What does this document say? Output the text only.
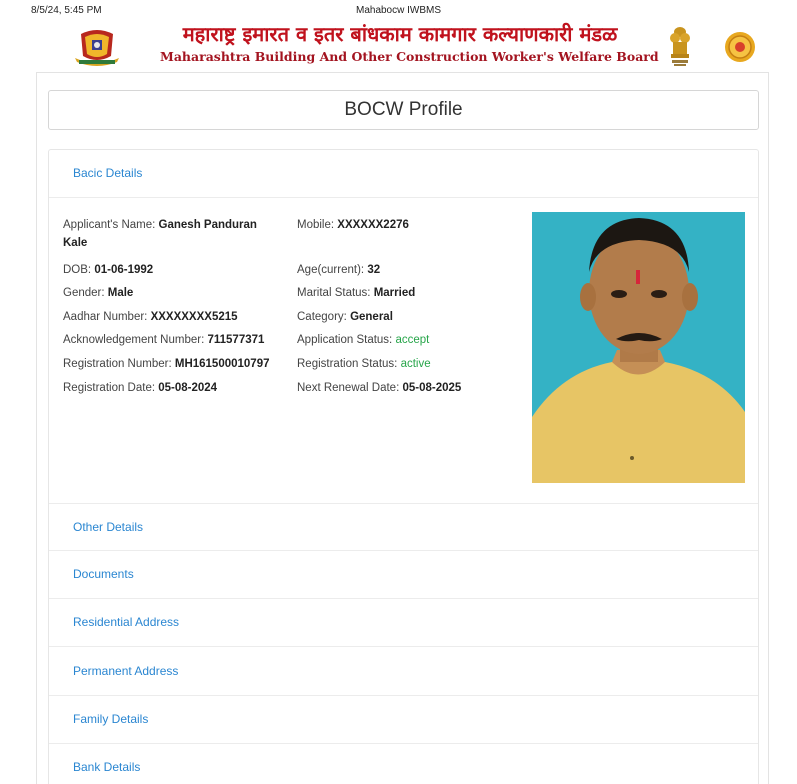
8/5/24, 5:45 PM	Mahabocw IWBMS
महाराष्ट्र इमारत व इतर बांधकाम कामगार कल्याणकारी मंडळ
Maharashtra Building And Other Construction Worker's Welfare Board
BOCW Profile
Bacic Details
Applicant's Name: Ganesh Panduran Kale
DOB: 01-06-1992
Gender: Male
Aadhar Number: XXXXXXXX5215
Acknowledgement Number: 711577371
Registration Number: MH161500010797
Registration Date: 05-08-2024
Mobile: XXXXXX2276
Age(current): 32
Marital Status: Married
Category: General
Application Status: accept
Registration Status: active
Next Renewal Date: 05-08-2025
Other Details
Documents
Residential Address
Permanent Address
Family Details
Bank Details
